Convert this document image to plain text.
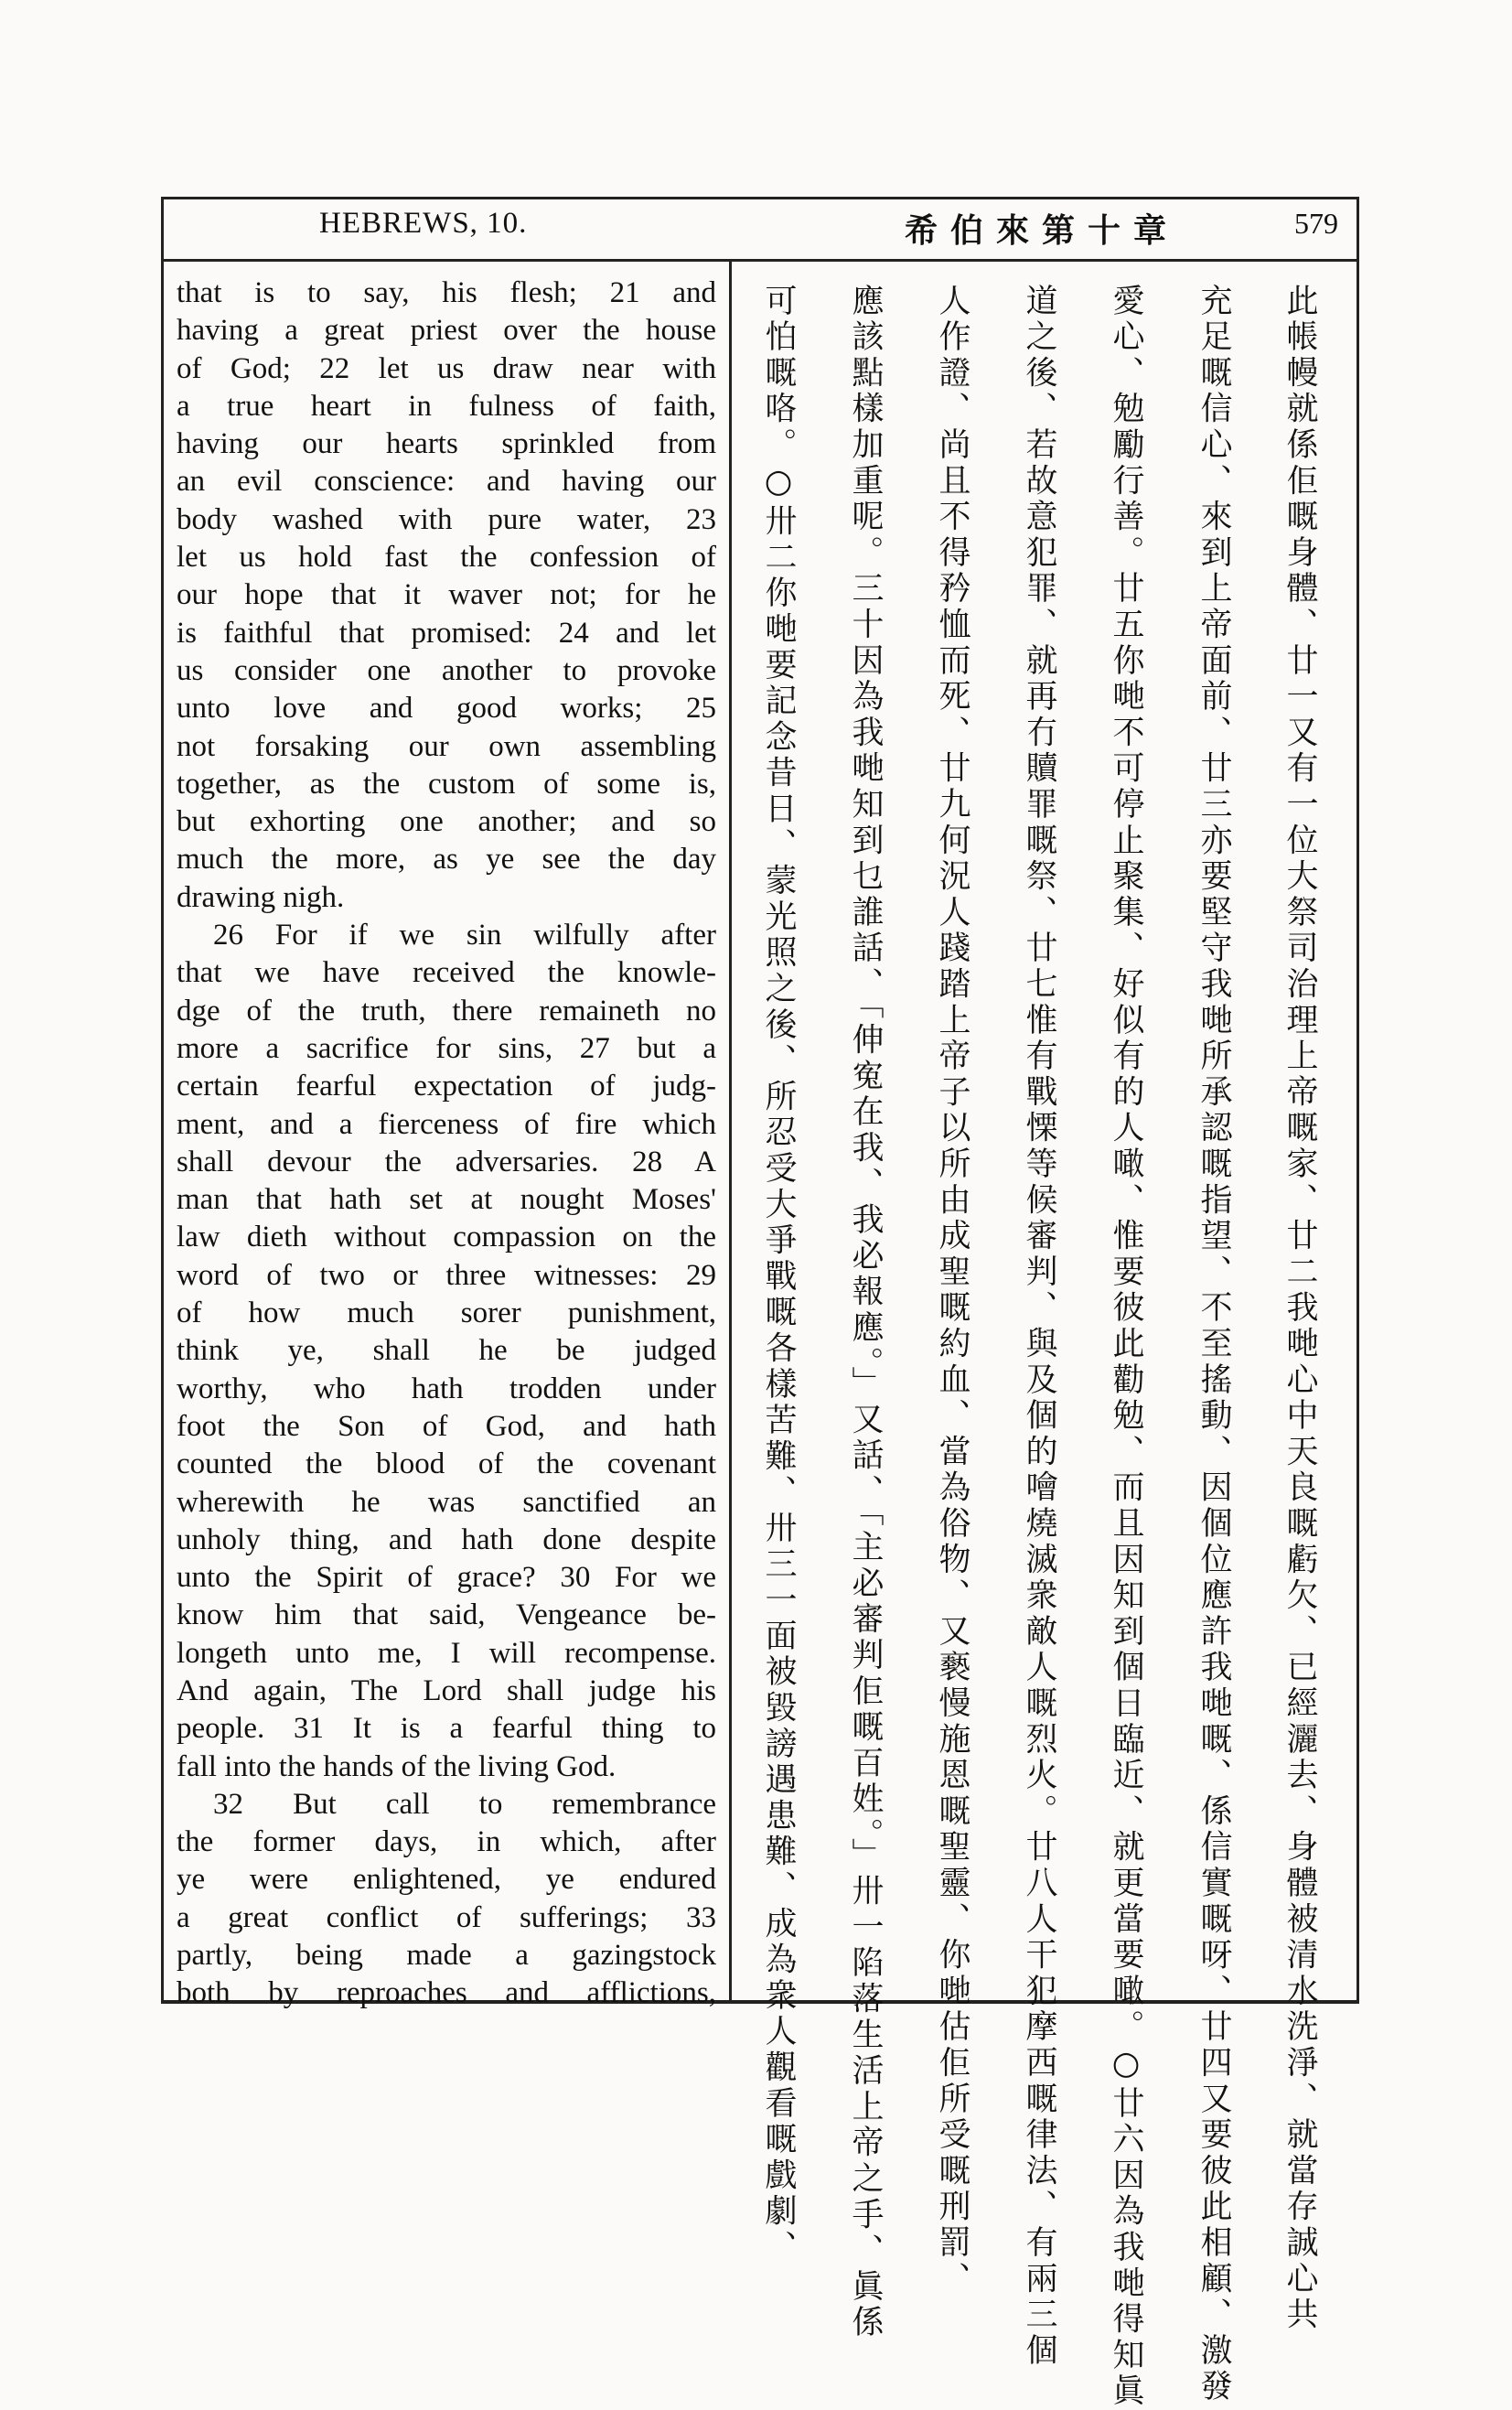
HEBREWS, 10.	希伯來第十章	579
that is to say, his flesh; 21 and
having a great priest over the house
of God; 22 let us draw near with
a true heart in fulness of faith,
having our hearts sprinkled from
an evil conscience: and having our
body washed with pure water, 23
let us hold fast the confession of
our hope that it waver not; for he
is faithful that promised: 24 and let
us consider one another to provoke
unto love and good works; 25
not forsaking our own assembling
together, as the custom of some is,
but exhorting one another; and so
much the more, as ye see the day
drawing nigh.
26 For if we sin wilfully after
that we have received the knowle-
dge of the truth, there remaineth no
more a sacrifice for sins, 27 but a
certain fearful expectation of judg-
ment, and a fierceness of fire which
shall devour the adversaries. 28 A
man that hath set at nought Moses'
law dieth without compassion on the
word of two or three witnesses: 29
of how much sorer punishment,
think ye, shall he be judged
worthy, who hath trodden under
foot the Son of God, and hath
counted the blood of the covenant
wherewith he was sanctified an
unholy thing, and hath done despite
unto the Spirit of grace? 30 For we
know him that said, Vengeance be-
longeth unto me, I will recompense.
And again, The Lord shall judge his
people. 31 It is a fearful thing to
fall into the hands of the living God.
32 But call to remembrance
the former days, in which, after
ye were enlightened, ye endured
a great conflict of sufferings; 33
partly, being made a gazingstock
both by reproaches and afflictions,	此帳幔就係佢嘅身體、廿一又有一位大祭司治理上帝嘅家、廿二我哋心中天良嘅虧欠、已經灑去、身體被清水洗淨、就當存誠心共
充足嘅信心、來到上帝面前、廿三亦要堅守我哋所承認嘅指望、不至搖動、因個位應許我哋嘅、係信實嘅呀、廿四又要彼此相顧、激發
愛心、勉勵行善。廿五你哋不可停止聚集、好似有的人噉、惟要彼此勸勉、而且因知到個日臨近、就更當要噉。○廿六因為我哋得知眞
道之後、若故意犯罪、就再冇贖罪嘅祭、廿七惟有戰慄等候審判、與及個的噲燒滅衆敵人嘅烈火。廿八人干犯摩西嘅律法、有兩三個
人作證、尚且不得矜恤而死、廿九何況人踐踏上帝子以所由成聖嘅約血、當為俗物、又褻慢施恩嘅聖靈、你哋估佢所受嘅刑罰、
應該點樣加重呢。三十因為我哋知到乜誰話、「伸寃在我、我必報應。」又話、「主必審判佢嘅百姓。」卅一陷落生活上帝之手、眞係
可怕嘅咯。○卅二你哋要記念昔日、蒙光照之後、所忍受大爭戰嘅各樣苦難、卅三一面被毀謗遇患難、成為衆人觀看嘅戲劇、
